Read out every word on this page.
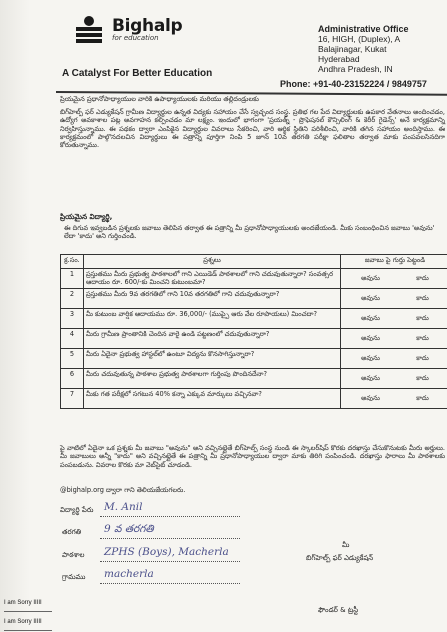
Bighalp
for education
A Catalyst For Better Education
Administrative Office
16, HIGH, (Duplex), A
Balajinagar, Kukat
Hyderabad
Andhra Pradesh, IN
Phone: +91-40-23152224 / 9849757
ప్రియమైన ప్రధానోపాధ్యాయుల వారికి ఉపాధ్యాయులకు మరియు తల్లిదండ్రులకు
బిగ్‌హెల్ప్ ఫర్ ఎడ్యుకేషన్ గ్రామీణ విద్యార్థుల ఉన్నత విద్యకు సహాయం చేసే స్వచ్ఛంద సంస్థ. ప్రతిభ గల పేద విద్యార్థులకు ఉపకార వేతనాలు అందించడం, ఉద్యోగ అవకాశాల పట్ల అవగాహన కల్పించడం మా లక్ష్యం. ఇందులో భాగంగా 'ప్రయత్న్ - ప్రొఫెషనల్ కౌన్సిలింగ్ & కెరీర్ గైడెన్స్' అనే కార్యక్రమాన్ని నిర్వహిస్తున్నాము. ఈ పథకం ద్వారా ఎంపికైన విద్యార్థుల వివరాలు సేకరించి, వారి ఆర్థిక స్థితిని పరిశీలించి, వారికి తగిన సహాయం అందిస్తాము. ఈ కార్యక్రమంలో పాల్గొనదలచిన విద్యార్థులు ఈ పత్రాన్ని పూర్తిగా నింపి 5 జూన్ 10వ తరగతి పరీక్షా ఫలితాల తర్వాత మాకు పంపవలసినదిగా కోరుతున్నాము.
ప్రియమైన విద్యార్థి,
ఈ దిగువ ఇవ్వబడిన ప్రశ్నలకు జవాబు తెలిపిన తర్వాత ఈ పత్రాన్ని మీ ప్రధానోపాధ్యాయులకు అందజేయండి. మీకు సంబంధించిన జవాబు 'అవును' లేదా 'కాదు' అని గుర్తించండి.
క్ర.సం.	ప్రశ్నలు	జవాబు పై గుర్తు పెట్టండి
1	ప్రస్తుతము మీరు ప్రభుత్వ పాఠశాలలో గాని ఎయిడెడ్ పాఠశాలలో గాని చదువుతున్నారా? సంవత్సర ఆదాయం రూ. 600/-కు మించని కుటుంబమా?	అవును కాదు

2	ప్రస్తుతము మీరు 9వ తరగతిలో గాని 10వ తరగతిలో గాని చదువుతున్నారా?	అవును కాదు

3	మీ కుటుంబ వార్షిక ఆదాయము రూ. 36,000/- (ముప్పై ఆరు వేల రూపాయలు) మించదా?	అవును కాదు

4	మీరు గ్రామీణ ప్రాంతానికి చెందిన వారై ఉండి పట్టణంలో చదువుతున్నారా?	అవును కాదు

5	మీరు ఏదైనా ప్రభుత్వ హాస్టల్‌లో ఉంటూ విద్యను కొనసాగిస్తున్నారా?	అవును కాదు

6	మీరు చదువుతున్న పాఠశాల ప్రభుత్వ పాఠశాలగా గుర్తింపు పొందినదేనా?	అవును కాదు

7	మీకు గత పరీక్షలో సగటున 40% కన్నా ఎక్కువ మార్కులు వచ్చినవా?	అవును కాదు
పై వాటిలో ఏదైనా ఒక ప్రశ్నకు మీ జవాబు "అవును" అని వచ్చినట్లైతే బిగ్‌హెల్ప్ సంస్థ నుండి ఈ స్కాలర్‌షిప్ కొరకు దరఖాస్తు చేసుకొనుటకు మీరు అర్హులు. మీ జవాబులు అన్నీ "కాదు" అని వచ్చినట్లైతే ఈ పత్రాన్ని మీ ప్రధానోపాధ్యాయుల ద్వారా మాకు తిరిగి పంపించండి. దరఖాస్తు ఫారాలు మీ పాఠశాలకు పంపబడును. వివరాల కొరకు మా వెబ్‌సైట్ చూడండి.
@bighalp.org ద్వారా గాని తెలియజేయగలరు.
విద్యార్థి పేరు M. Anil
తరగతి 9 వ తరగతి
పాఠశాల ZPHS (Boys), Macherla
గ్రామము macherla
మీ
బిగ్‌హెల్ప్ ఫర్ ఎడ్యుకేషన్
ఫౌండర్ & ట్రస్టీ
I am Sorry IIIII
I am Sorry IIIII
